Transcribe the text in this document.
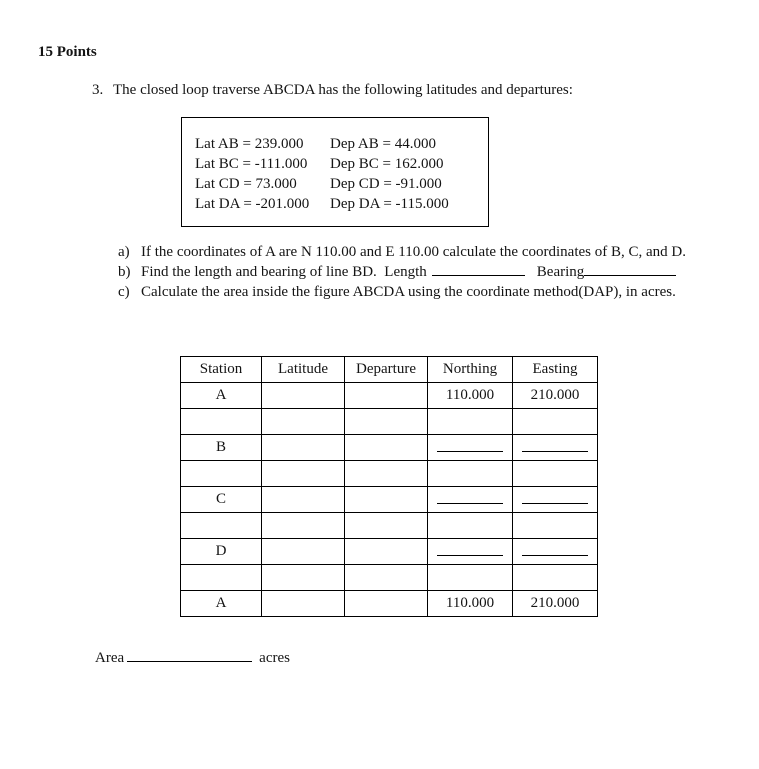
15 Points
3. The closed loop traverse ABCDA has the following latitudes and departures:
Lat AB = 239.000 Dep AB = 44.000
Lat BC = -111.000 Dep BC = 162.000
Lat CD = 73.000 Dep CD = -91.000
Lat DA = -201.000 Dep DA = -115.000
a) If the coordinates of A are N 110.00 and E 110.00 calculate the coordinates of B, C, and D.
b) Find the length and bearing of line BD.  Length	Bearing
c) Calculate the area inside the figure ABCDA using the coordinate method(DAP), in acres.
Station	Latitude	Departure	Northing	Easting
A			110.000	210.000

B				

C				

D				

A			110.000	210.000
Area	acres
